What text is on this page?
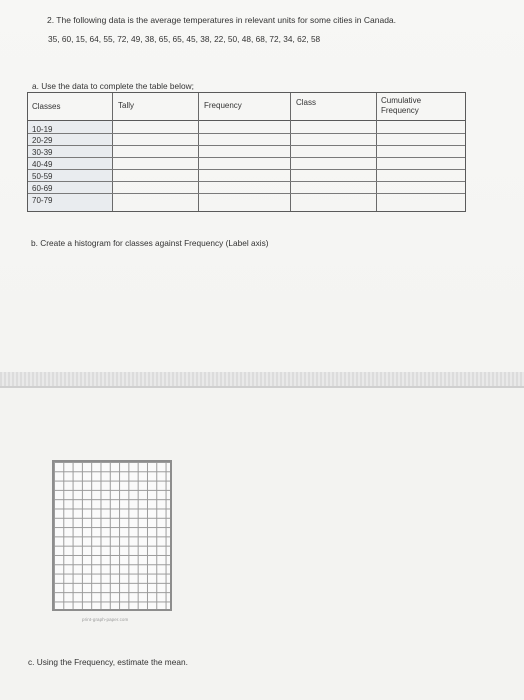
2. The following data is the average temperatures in relevant units for some cities in Canada.
35, 60, 15, 64, 55, 72, 49, 38, 65, 65, 45, 38, 22, 50, 48, 68, 72, 34, 62, 58
a. Use the data to complete the table below;
Classes	Tally	Frequency	Class	Cumulative
Frequency
10-19
20-29
30-39
40-49
50-59
60-69
70-79
b. Create a histogram for classes against Frequency (Label axis)
print-graph-paper.com
c. Using the Frequency, estimate the mean.
